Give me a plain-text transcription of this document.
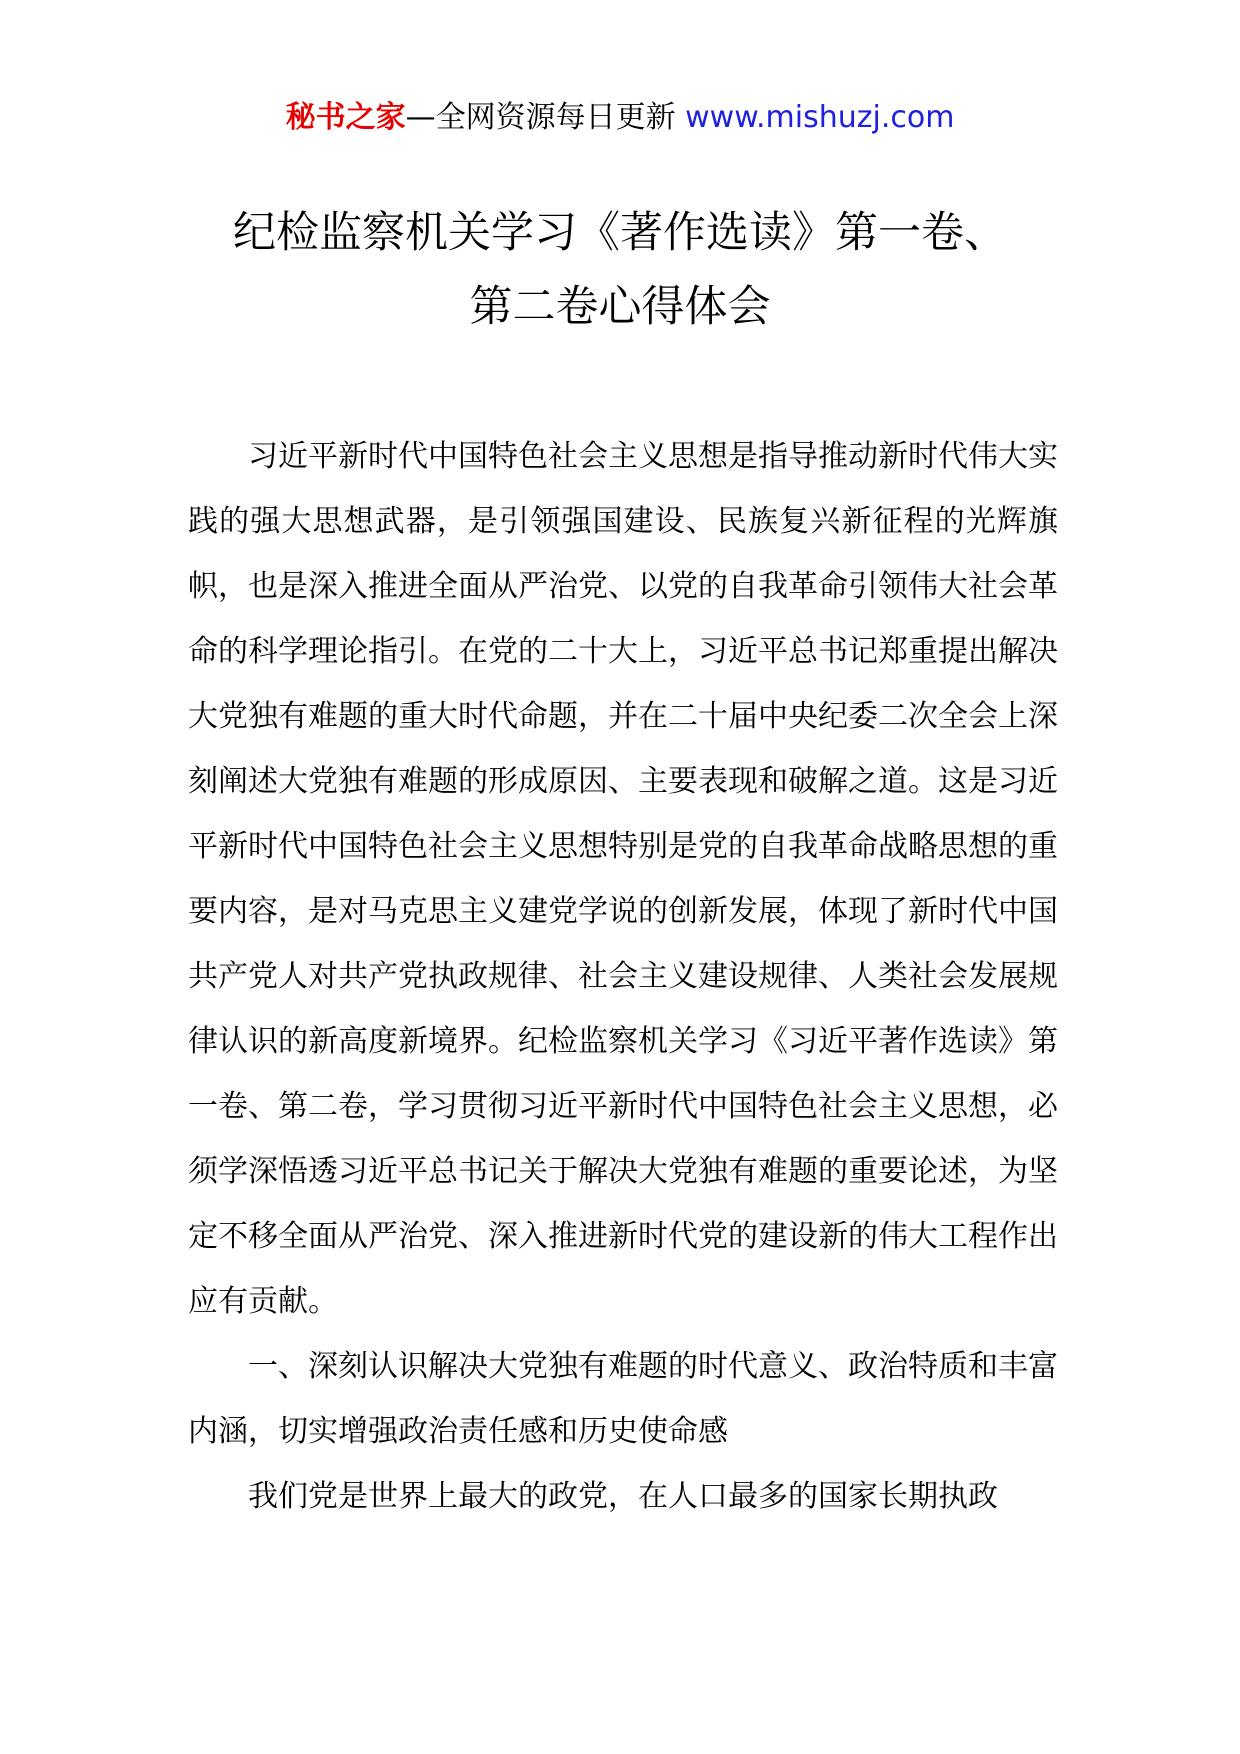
秘书之家—全网资源每日更新 www.mishuzj.com
纪检监察机关学习《著作选读》第一卷、
第二卷心得体会

习近平新时代中国特色社会主义思想是指导推动新时代伟大实践的强大思想武器，是引领强国建设、民族复兴新征程的光辉旗帜，也是深入推进全面从严治党、以党的自我革命引领伟大社会革命的科学理论指引。在党的二十大上，习近平总书记郑重提出解决大党独有难题的重大时代命题，并在二十届中央纪委二次全会上深刻阐述大党独有难题的形成原因、主要表现和破解之道。这是习近平新时代中国特色社会主义思想特别是党的自我革命战略思想的重要内容，是对马克思主义建党学说的创新发展，体现了新时代中国共产党人对共产党执政规律、社会主义建设规律、人类社会发展规律认识的新高度新境界。纪检监察机关学习《习近平著作选读》第一卷、第二卷，学习贯彻习近平新时代中国特色社会主义思想，必须学深悟透习近平总书记关于解决大党独有难题的重要论述，为坚定不移全面从严治党、深入推进新时代党的建设新的伟大工程作出应有贡献。

一、深刻认识解决大党独有难题的时代意义、政治特质和丰富内涵，切实增强政治责任感和历史使命感

我们党是世界上最大的政党，在人口最多的国家长期执政
